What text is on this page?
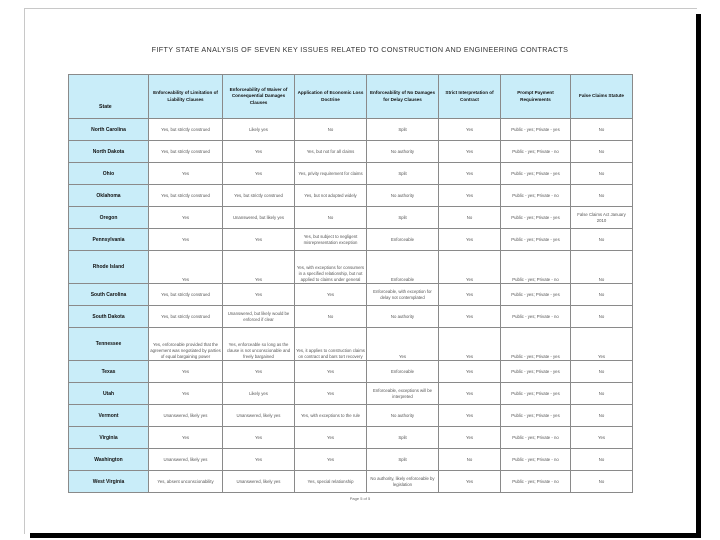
FIFTY STATE ANALYSIS OF SEVEN KEY ISSUES RELATED TO CONSTRUCTION AND ENGINEERING CONTRACTS
State	Enforceability of Limitation of Liability Clauses	Enforceability of Waiver of Consequential Damages Clauses	Application of Economic Loss Doctrine	Enforceability of No Damages for Delay Clauses	Strict Interpretation of Contract	Prompt Payment Requirements	False Claims Statute
North Carolina	Yes, but strictly construed	Likely yes	No	Split	Yes	Public - yes; Private - yes	No
North Dakota	Yes, but strictly construed	Yes	Yes, but not for all claims	No authority	Yes	Public - yes; Private - no	No
Ohio	Yes	Yes	Yes, privity requirement for claims	Split	Yes	Public - yes; Private - yes	No
Oklahoma	Yes, but strictly construed	Yes, but strictly construed	Yes, but not adopted widely	No authority	Yes	Public - yes; Private - no	No
Oregon	Yes	Unanswered, but likely yes	No	Split	No	Public - yes; Private - yes	False Claims Act January 2010
Pennsylvania	Yes	Yes	Yes, but subject to negligent misrepresentation exception	Enforceable	Yes	Public - yes; Private - yes	No
Rhode Island	Yes	Yes	Yes, with exceptions for consumers in a specified relationship, but not applied to claims under general	Enforceable	Yes	Public - yes; Private - no	No
South Carolina	Yes, but strictly construed	Yes	Yes	Enforceable, with exception for delay not contemplated	Yes	Public - yes; Private - yes	No
South Dakota	Yes, but strictly construed	Unanswered, but likely would be enforced if clear	No	No authority	Yes	Public - yes; Private - no	No
Tennessee	Yes, enforceable provided that the agreement was negotiated by parties of equal bargaining power	Yes, enforceable so long as the clause is not unconscionable and freely bargained	Yes, it applies to construction claims on contract and bars tort recovery	Yes	Yes	Public - yes; Private - yes	Yes
Texas	Yes	Yes	Yes	Enforceable	Yes	Public - yes; Private - yes	No
Utah	Yes	Likely yes	Yes	Enforceable, exceptions will be interpreted	Yes	Public - yes; Private - yes	No
Vermont	Unanswered, likely yes	Unanswered, likely yes	Yes, with exceptions to the rule	No authority	Yes	Public - yes; Private - yes	No
Virginia	Yes	Yes	Yes	Split	Yes	Public - yes; Private - no	Yes
Washington	Unanswered, likely yes	Yes	Yes	Split	No	Public - yes; Private - no	No
West Virginia	Yes, absent unconscionability	Unanswered, likely yes	Yes, special relationship	No authority, likely enforceable by legislation	Yes	Public - yes; Private - no	No
Page 5 of 5
